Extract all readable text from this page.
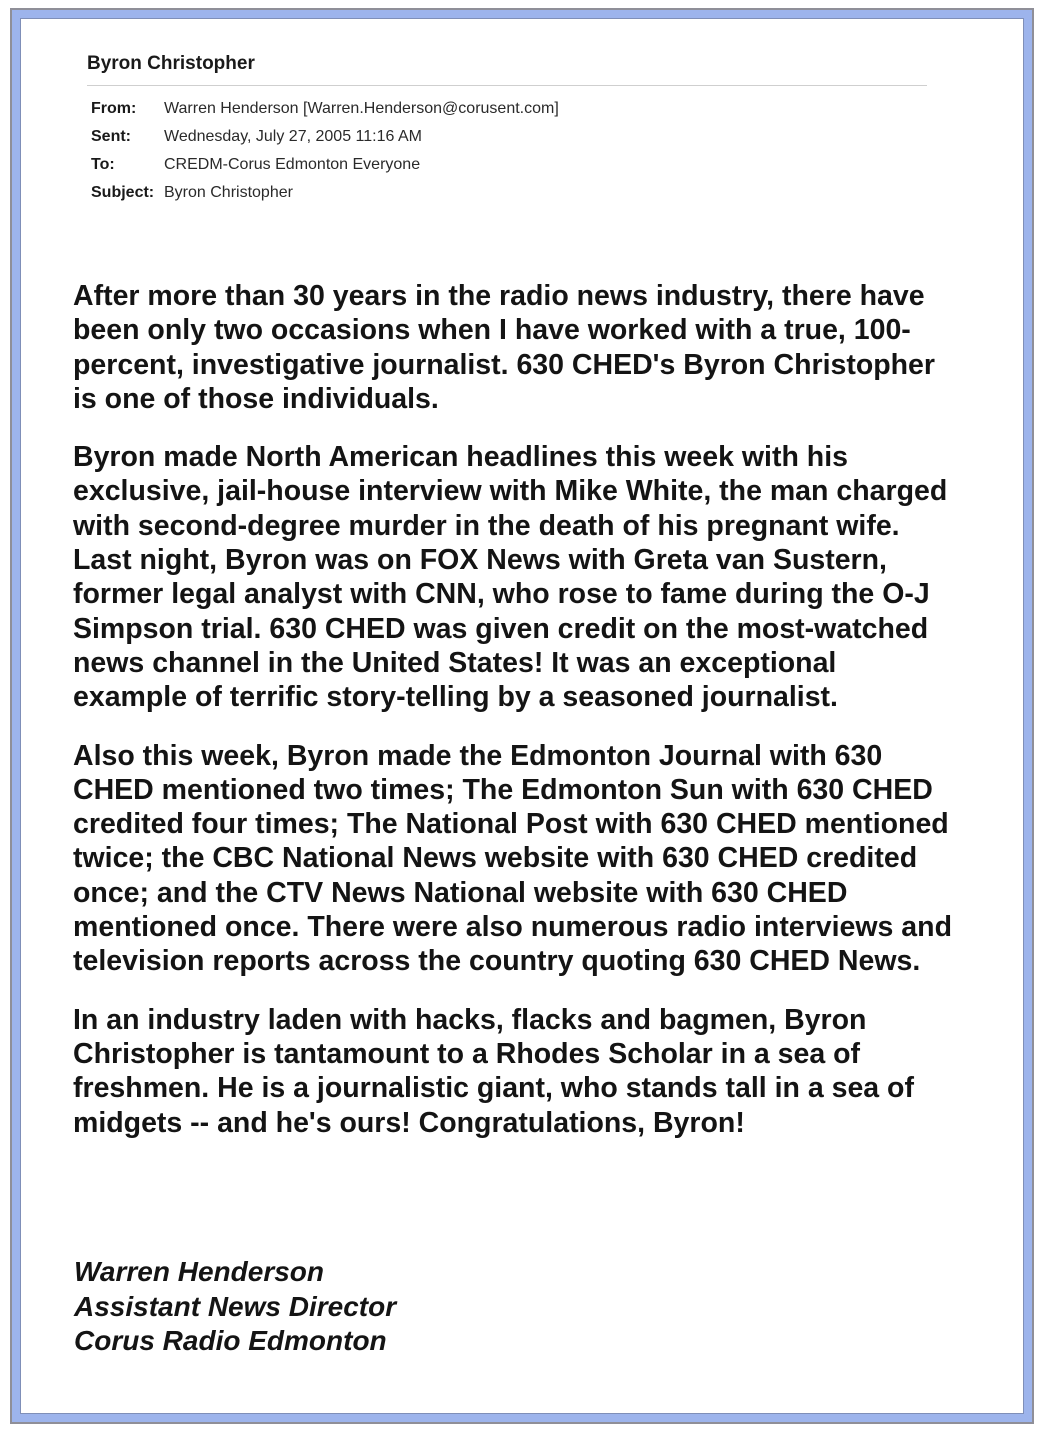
Byron Christopher
From:	Warren Henderson [Warren.Henderson@corusent.com]
Sent:	Wednesday, July 27, 2005 11:16 AM
To:	CREDM-Corus Edmonton Everyone
Subject: Byron Christopher

After more than 30 years in the radio news industry, there have been only two occasions when I have worked with a true, 100-percent, investigative journalist. 630 CHED's Byron Christopher is one of those individuals.

Byron made North American headlines this week with his exclusive, jail-house interview with Mike White, the man charged with second-degree murder in the death of his pregnant wife. Last night, Byron was on FOX News with Greta van Sustern, former legal analyst with CNN, who rose to fame during the O-J Simpson trial. 630 CHED was given credit on the most-watched news channel in the United States! It was an exceptional example of terrific story-telling by a seasoned journalist.

Also this week, Byron made the Edmonton Journal with 630 CHED mentioned two times; The Edmonton Sun with 630 CHED credited four times; The National Post with 630 CHED mentioned twice; the CBC National News website with 630 CHED credited once; and the CTV News National website with 630 CHED mentioned once. There were also numerous radio interviews and television reports across the country quoting 630 CHED News.

In an industry laden with hacks, flacks and bagmen, Byron Christopher is tantamount to a Rhodes Scholar in a sea of freshmen. He is a journalistic giant, who stands tall in a sea of midgets -- and he's ours! Congratulations, Byron!

Warren Henderson
Assistant News Director
Corus Radio Edmonton
